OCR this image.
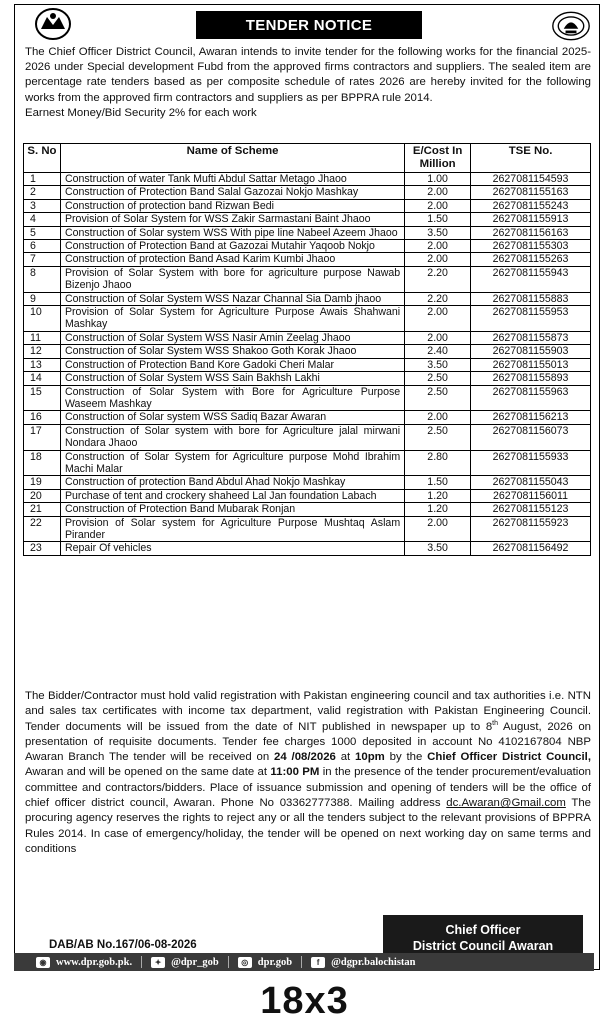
TENDER NOTICE
The Chief Officer District Council, Awaran intends to invite tender for the following works for the financial 2025-2026 under Special development Fubd from the approved firms contractors and suppliers. The sealed item are percentage rate tenders based as per composite schedule of rates 2026 are hereby invited for the following works from the approved firm contractors and suppliers as per BPPRA rule 2014.
Earnest Money/Bid Security 2% for each work
S. No	Name of Scheme	E/Cost In Million	TSE No.
1	Construction of water Tank Mufti Abdul Sattar Metago Jhaoo	1.00	2627081154593
2	Construction of Protection Band Salal Gazozai Nokjo Mashkay	2.00	2627081155163
3	Construction of protection band Rizwan Bedi	2.00	2627081155243
4	Provision of Solar System for WSS Zakir Sarmastani Baint Jhaoo	1.50	2627081155913
5	Construction of Solar system WSS With pipe line Nabeel Azeem Jhaoo	3.50	2627081156163
6	Construction of Protection Band at Gazozai Mutahir Yaqoob Nokjo	2.00	2627081155303
7	Construction of protection Band Asad Karim Kumbi Jhaoo	2.00	2627081155263
8	Provision of Solar System with bore for agriculture purpose Nawab Bizenjo Jhaoo	2.20	2627081155943
9	Construction of Solar System WSS Nazar Channal Sia Damb jhaoo	2.20	2627081155883
10	Provision of Solar System for Agriculture Purpose Awais Shahwani Mashkay	2.00	2627081155953
11	Construction of Solar System WSS Nasir Amin Zeelag Jhaoo	2.00	2627081155873
12	Construction of Solar System WSS Shakoo Goth Korak Jhaoo	2.40	2627081155903
13	Construction of Protection Band Kore Gadoki Cheri Malar	3.50	2627081155013
14	Construction of Solar System WSS Sain Bakhsh Lakhi	2.50	2627081155893
15	Construction of Solar System with Bore for Agriculture Purpose Waseem Mashkay	2.50	2627081155963
16	Construction of Solar system WSS Sadiq Bazar Awaran	2.00	2627081156213
17	Construction of Solar system with bore for Agriculture jalal mirwani Nondara Jhaoo	2.50	2627081156073
18	Construction of Solar System for Agriculture purpose Mohd Ibrahim Machi Malar	2.80	2627081155933
19	Construction of protection Band Abdul Ahad Nokjo Mashkay	1.50	2627081155043
20	Purchase of tent and crockery shaheed Lal Jan foundation Labach	1.20	2627081156011
21	Construction of Protection Band Mubarak Ronjan	1.20	2627081155123
22	Provision of Solar system for Agriculture Purpose Mushtaq Aslam Pirander	2.00	2627081155923
23	Repair Of vehicles	3.50	2627081156492
The Bidder/Contractor must hold valid registration with Pakistan engineering council and tax authorities i.e. NTN and sales tax certificates with income tax department, valid registration with Pakistan Engineering Council. Tender documents will be issued from the date of NIT published in newspaper up to 8th August, 2026 on presentation of requisite documents. Tender fee charges 1000 deposited in account No 4102167804 NBP Awaran Branch The tender will be received on 24 /08/2026 at 10pm by the Chief Officer District Council, Awaran and will be opened on the same date at 11:00 PM in the presence of the tender procurement/evaluation committee and contractors/bidders. Place of issuance submission and opening of tenders will be the office of chief officer district council, Awaran. Phone No 03362777388. Mailing address dc.Awaran@Gmail.com The procuring agency reserves the rights to reject any or all the tenders subject to the relevant provisions of BPPRA Rules 2014. In case of emergency/holiday, the tender will be opened on next working day on same terms and conditions
DAB/AB No.167/06-08-2026
Chief Officer
District Council Awaran
◉ www.dpr.gob.pk.	✦ @dpr_gob	◎ dpr.gob	f	@dgpr.balochistan
18x3
